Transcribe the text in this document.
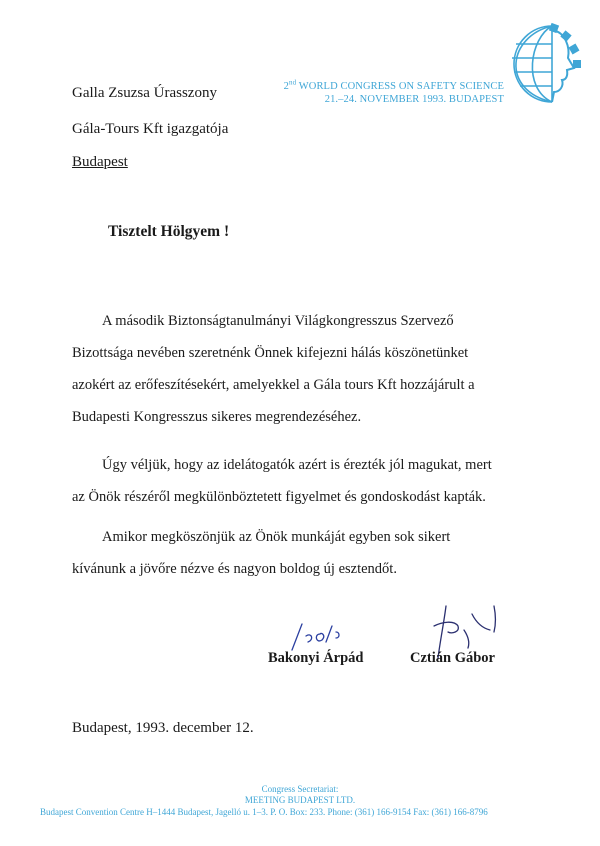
2nd WORLD CONGRESS ON SAFETY SCIENCE
21.–24. NOVEMBER 1993. BUDAPEST
Galla Zsuzsa Úrasszony
Gála-Tours Kft igazgatója
Budapest
Tisztelt Hölgyem !
A második Biztonságtanulmányi Világkongresszus Szervező
Bizottsága nevében szeretnénk Önnek kifejezni hálás köszönetünket
azokért az erőfeszítésekért, amelyekkel a Gála tours Kft hozzájárult a
Budapesti Kongresszus sikeres megrendezéséhez.
Úgy véljük, hogy az idelátogatók azért is érezték jól magukat, mert
az Önök részéről megkülönböztetett figyelmet és gondoskodást kapták.
Amikor megköszönjük az Önök munkáját egyben sok sikert
kívánunk a jövőre nézve és nagyon boldog új esztendőt.
Bakonyi Árpád	Cztián Gábor
Budapest, 1993. december 12.
Congress Secretariat:
MEETING BUDAPEST LTD.
Budapest Convention Centre H–1444 Budapest, Jagelló u. 1–3. P. O. Box: 233. Phone: (361) 166-9154 Fax: (361) 166-8796
